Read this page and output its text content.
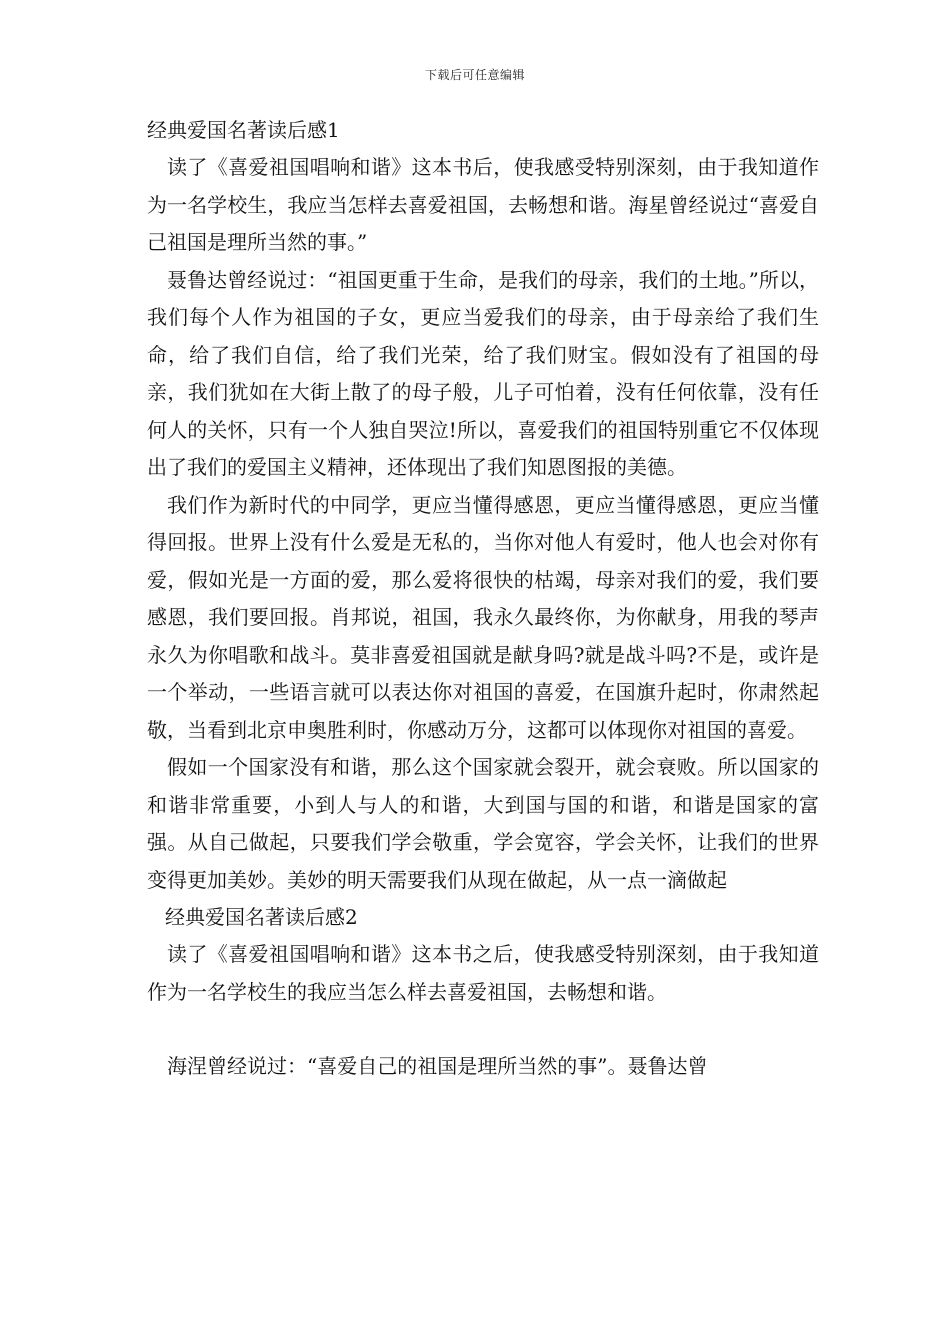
下载后可任意编辑
经典爱国名著读后感1

读了《喜爱祖国唱响和谐》这本书后，使我感受特别深刻，由于我知道作为一名学校生，我应当怎样去喜爱祖国，去畅想和谐。海星曾经说过“喜爱自己祖国是理所当然的事。”

聂鲁达曾经说过：“祖国更重于生命，是我们的母亲，我们的土地。”所以，我们每个人作为祖国的子女，更应当爱我们的母亲，由于母亲给了我们生命，给了我们自信，给了我们光荣，给了我们财宝。假如没有了祖国的母亲，我们犹如在大街上散了的母子般，儿子可怕着，没有任何依靠，没有任何人的关怀，只有一个人独自哭泣!所以，喜爱我们的祖国特别重它不仅体现出了我们的爱国主义精神，还体现出了我们知恩图报的美德。

我们作为新时代的中同学，更应当懂得感恩，更应当懂得感恩，更应当懂得回报。世界上没有什么爱是无私的，当你对他人有爱时，他人也会对你有爱，假如光是一方面的爱，那么爱将很快的枯竭，母亲对我们的爱，我们要感恩，我们要回报。肖邦说，祖国，我永久最终你，为你献身，用我的琴声永久为你唱歌和战斗。莫非喜爱祖国就是献身吗?就是战斗吗?不是，或许是一个举动，一些语言就可以表达你对祖国的喜爱，在国旗升起时，你肃然起敬，当看到北京申奥胜利时，你感动万分，这都可以体现你对祖国的喜爱。

假如一个国家没有和谐，那么这个国家就会裂开，就会衰败。所以国家的和谐非常重要，小到人与人的和谐，大到国与国的和谐，和谐是国家的富强。从自己做起，只要我们学会敬重，学会宽容，学会关怀，让我们的世界变得更加美妙。美妙的明天需要我们从现在做起，从一点一滴做起

经典爱国名著读后感2

读了《喜爱祖国唱响和谐》这本书之后，使我感受特别深刻，由于我知道作为一名学校生的我应当怎么样去喜爱祖国，去畅想和谐。

海涅曾经说过：“喜爱自己的祖国是理所当然的事”。聂鲁达曾
